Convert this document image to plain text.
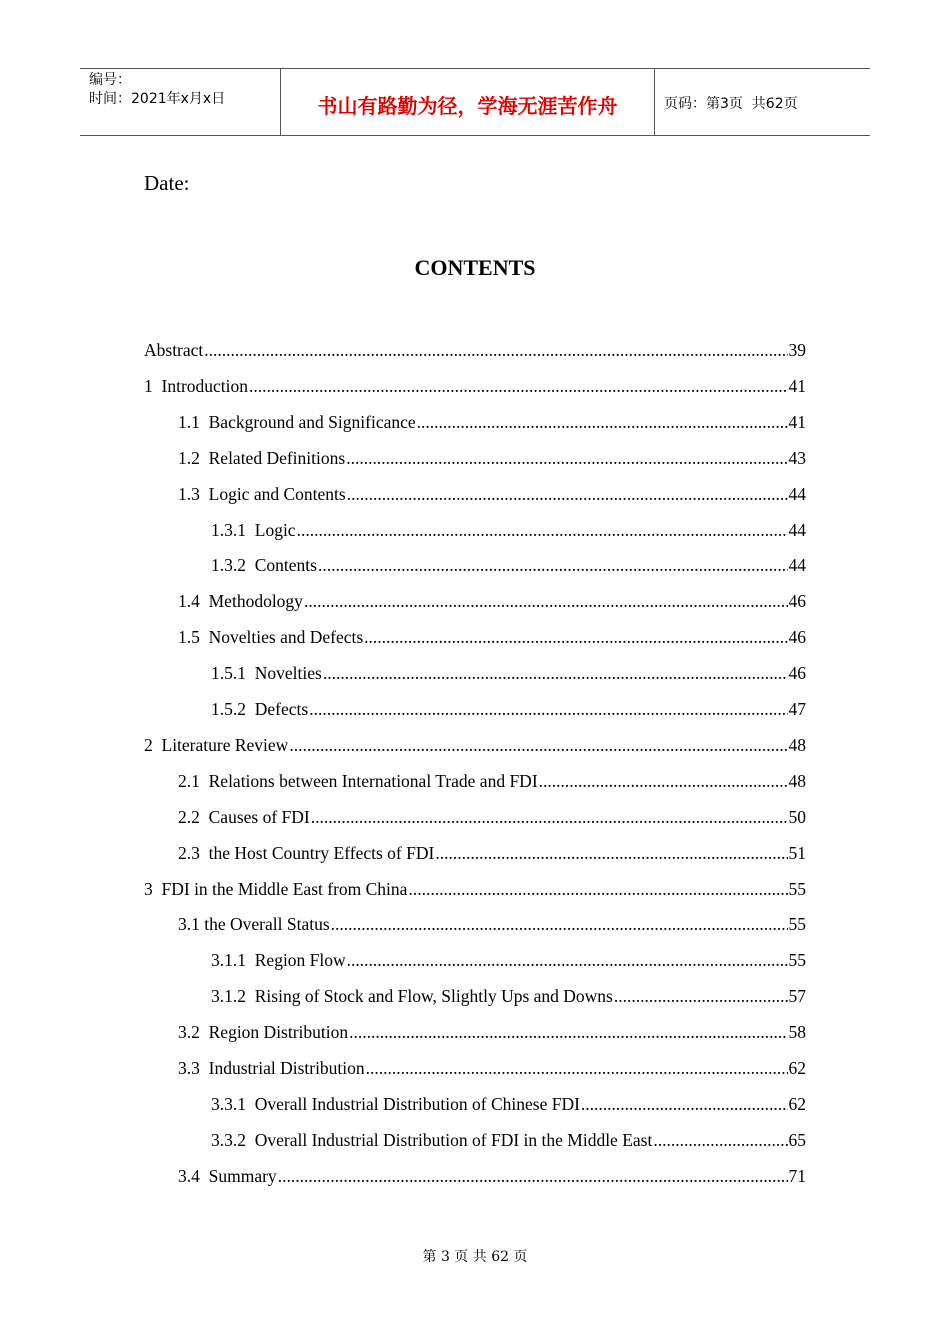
编号：
时间：2021年x月x日	书山有路勤为径，学海无涯苦作舟	页码：第3页  共62页
Date:
CONTENTS
Abstract .....	39
1  Introduction .....	41
1.1  Background and Significance .....	41
1.2  Related Definitions .....	43
1.3  Logic and Contents .....	44
1.3.1  Logic .....	44
1.3.2  Contents .....	44
1.4  Methodology .....	46
1.5  Novelties and Defects .....	46
1.5.1  Novelties .....	46
1.5.2  Defects .....	47
2  Literature Review .....	48
2.1  Relations between International Trade and FDI .....	48
2.2  Causes of FDI .....	50
2.3  the Host Country Effects of FDI .....	51
3  FDI in the Middle East from China .....	55
3.1 the Overall Status .....	55
3.1.1  Region Flow .....	55
3.1.2  Rising of Stock and Flow, Slightly Ups and Downs .....	57
3.2  Region Distribution .....	58
3.3  Industrial Distribution .....	62
3.3.1  Overall Industrial Distribution of Chinese FDI .....	62
3.3.2  Overall Industrial Distribution of FDI in the Middle East .....	65
3.4  Summary .....	71
第 3 页 共 62 页
